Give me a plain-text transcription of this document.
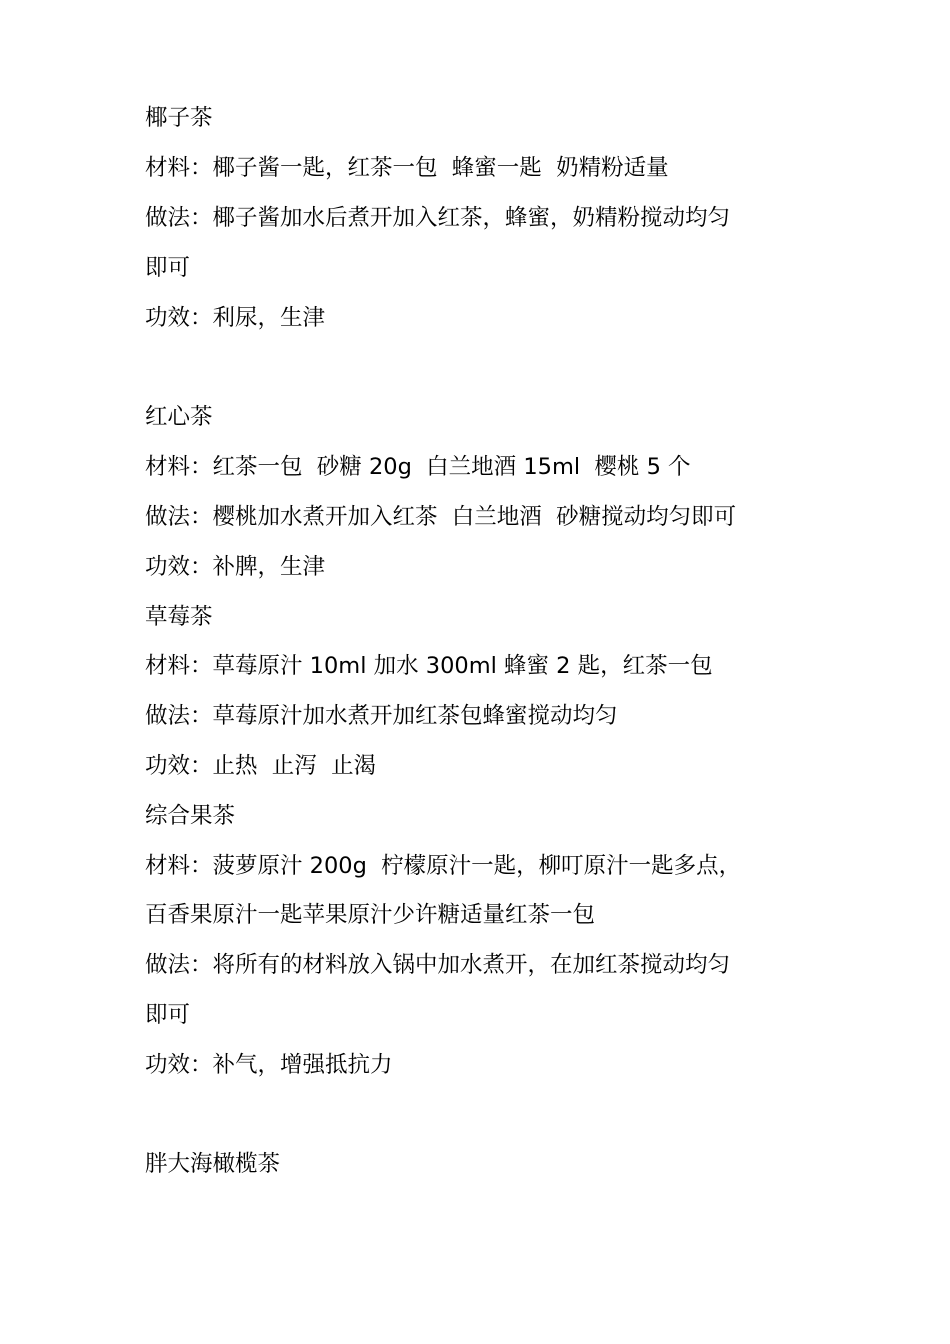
椰子茶
材料：椰子酱一匙，红茶一包  蜂蜜一匙  奶精粉适量
做法：椰子酱加水后煮开加入红茶，蜂蜜，奶精粉搅动均匀
即可
功效：利尿，生津
红心茶
材料：红茶一包  砂糖 20g  白兰地酒 15ml  樱桃 5 个
做法：樱桃加水煮开加入红茶  白兰地酒  砂糖搅动均匀即可
功效：补脾，生津
草莓茶
材料：草莓原汁 10ml 加水 300ml 蜂蜜 2 匙，红茶一包
做法：草莓原汁加水煮开加红茶包蜂蜜搅动均匀
功效：止热  止泻  止渴
综合果茶
材料：菠萝原汁 200g  柠檬原汁一匙，柳叮原汁一匙多点，
百香果原汁一匙苹果原汁少许糖适量红茶一包
做法：将所有的材料放入锅中加水煮开，在加红茶搅动均匀
即可
功效：补气，增强抵抗力
胖大海橄榄茶
